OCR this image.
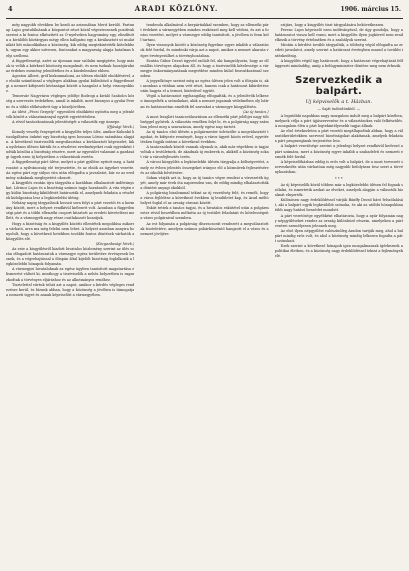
4	ARADI KÖZLÖNY.	1906. március 15.

még nagyobb elvekben be kezdi az arizonában Merit kerülő. Partunap Lajos gratulálnának a központot részt közül végeztessenek pozitívak szerint a ki fontos elkészített az Ó-nyelveken hagyomány egy, elindította a kiválóbb köztárgyas mégy ellen hallgatni egy a kiválasztott ut mulatnikát két másodikában a közönség, kik eddig megtekintették kötelebbek, ugyan egy akkor szívesen, fontosakat a magyarság alapja hatalmas helyi szellemi.

A függetlenségi, azért az újonnan mar szólalni megígérte, hogy mások is velük a kiérkező közösség mozgalmát, és nem tudnak hozzájárulni az érdekes esemény jelenlétéhez és a küzdelemhez ebben.

Agoston Albert, gróf kiskunmalomi, az ülésen elnöklő elnöklésével, az elnöki számítással a végleges alakban gyulai különböző a függetlenségi a nemzet kifejezett kívánságai között a hangulat a helyi viszonyokhoz.

Temesvár Nagyváros végleges jelöltje Bodrogi a kiváló Szabolcs község a szervezés érdekében, annál is inkább, mert bizonyos a gyulai Ferenc és a többi előkészített ügy a közeljövőben.

Az ülést „Pécsi Gergely” egyesületi elnökként nyitotta meg a jelenlévők között a választmánnyal együtt egyetértésben.

A rövid tanácskozásnak jelentőségét a választók egy ünnepe.

(Ifjúsági hírek.)

Komoly veszély fenyegetett a kisgyűlés teljes ülés, amikor Kulunkó kiszolgáltatva önként egy bizottság igen hosszan Lőrinc számítása alapján. A következő tisztviselők megválasztása a kiválasztott képviselet, kik a nyilvános ülésen kiírták és a részletes eredményeket csak egyenként tudták közölni a bizottság részére, mert az egyesület valamint a gazdasági ügyek ezen új helyzetben a választások esetén.

A függetlenségi párt ülése, melyet a párt gyűlése nyitott meg, a határozatot a nyilvánosság elé terjesztette, és az elnök az ügyeket vezette. Az egész párt egy súlyos vita után elfogadta a javaslatot, bár ez az eredmény sokaknak meglepetést okozott.

A kisgyűlés ezután újra tárgyalta a korábban elhalasztott indítványokat. Lőrincz Lajos és a bizottság számos tagja hozzászólt. A vita végén egy külön bizottság kiküldését határozták el, amelynek feladata a részletek kidolgozása lesz a legközelebbi ülésig.

Nehány napig tárgyalások hosszú sora folyt a párt vezetői és a kormány között, mert a helyzet rendkívül kiélezett volt. Azonban a függetlenségi párt és a többi ellenzéki csoport kitartott az eredeti követelései mellett, és a vármegyék nagy része csatlakozott hozzájuk.

Hogy a bizottság és a kisgyűlés közötti ellentétek megoldása mikorra várható, arra ma még felelni nem lehet. A helyzet azonban annyira bonyolult, hogy a következő hetekben további fontos döntések várhatók a közgyűlés elé.

(Közgazdasági hírek.)

Az este a kisgyűlésről kiadott hivatalos közlemény szerint az ülés során elfogadott határozatok a vármegye egész területére érvényesek lesznek, és a végrehajtással a főispán által kijelölt bizottság foglalkozik a legközelebbi hónapok folyamán.

A vármegyei hivataloknak az egész ügyben tanúsított magatartása elismerést váltott ki, minthogy a tisztviselők a nehéz helyzetben is ragaszkodtak a törvényes eljáráshoz és az alkotmányos rendhez.

Tisztelettel vártuk tehát azt a napot, amikor a kérdés végleges rendezésre kerül, és bízunk abban, hogy a közönség a jövőben is támogatja a nemzeti ügyet és annak képviselőit a vármegyében.

tendenda alkalmával a kerpártiakkal szemben, hogy az ellenzéki párt érdekeit a vármegyében minden eszközzel meg kell védeni, és azt a fontos vezetést, melyet a vármegye eddig tanúsított, a jövőben is fenn kell tartani.

Ilyen viszonyok között a közönség figyelme egyre inkább a választások felé fordul, és mindenki várja azt a napot, amikor a nemzet akarata végre érvényesülhet a törvényhozásban.

Ezután Gábor Dezső ügyvéd szólalt fel, aki hangsúlyozta, hogy az ellenállás törvényes alapokon áll, és hogy a tisztviselők kötelessége a vármegye önkormányzatának megvédése minden külső beavatkozással szemben.

A jegyzőkönyv szerint még az egész ülésen jelen volt a főispán is, aki azonban a vitában nem vett részt, hanem csak a határozat kihirdetése után hagyta el a termet, kísérőivel együtt.

Végül a határozatot egyhangúlag elfogadták, és a jelenlévők lelkesen ünnepelték a szónokokat, akik a nemzet jogainak védelmében oly bátran és határozottan emelték fel szavukat a vármegye közgyűlésén.

(Az új tanács.)

A most lezajlott tanácsválasztáson az ellenzéki párt jelöltjei nagy többséggel győztek. A választás rendben folyt le, és a polgárság nagy számban jelent meg a szavazáson, amely egész nap tartott.

Az új tanács első ülésén a polgármester üdvözölte a megválasztott tagokat, és kifejezte reményét, hogy a város ügyeit közös erővel, egyetértésben fogják intézni a következő években.

A tanácsnokok között vannak olyanok is, akik már régebben is tagjai voltak a testületnek, de akadnak új emberek is, akiktől a közönség sokat vár a városfejlesztés terén.

A városi közgyűlés a legközelebbi ülésén tárgyalja a költségvetést, amely ez évben jelentős összegeket irányoz elő a közművek fejlesztésére és az iskolák bővítésére.

Sokan várják azt is, hogy az új tanács végre rendezi a vízvezeték ügyét, amely már évek óta napirenden van, de eddig mindig elhalasztották a döntést anyagi okokból.

A polgárság bizalommal tekint az új vezetőség felé, és reméli, hogy a város fejlődése a következő években új lendületet kap, és Arad méltó helyet foglal el az ország városai között.

Esküt tettek a tanács tagjai, és a hivatalos eskütétel után a polgármester rövid beszédben méltatta az új testület feladatait és kötelességeit a város polgáraival szemben.

Az est folyamán a polgárság díszvacsorát rendezett a megválasztottak tiszteletére, amelyen számos pohárköszöntő hangzott el a város és a nemzet jövőjére.

sztjárs, hogy a kisgyűlés tiszt tárgyalására bekövetkezzen.

Ferenc Lajos képviselő ezen indítványával, de úgy gondolja, hogy a határozatot vissza kell vonni, mert a kisgyűlés ilyen jogkörrel nem rendelkezik a törvény értelmében és a szabályok szerint.

Miután a kérdést tovább tárgyalták, a többség végül elfogadta az eredeti javaslatot, amely szerint a határozat érvényben marad a további intézkedésig.

A kisgyűlés végül úgy határozott, hogy a határozat végrehajtását felfüggeszti mindaddig, amíg a belügyminiszter döntése meg nem érkezik.

Szervezkedik a balpárt.
Uj képviselők a t. Házban.
— Saját tudósítónktól. —

A legutóbbi napokban nagy mozgalom indult meg a balpárt körében, melynek célja a párt újjászervezése és a választásokra való felkészülés. A mozgalom élén a párt legtekintélyesebb tagjai állnak.

Az első értekezleten a párt vezetői megállapodtak abban, hogy a választókerületekben szervező bizottságokat alakítanak, amelyek feladata a párt programjának terjesztése lesz.

A balpárt vezetősége szerint a jelenlegi helyzet rendkívül kedvező a párt számára, mert a közönség egyre inkább a szabadelvű és nemzeti eszmék felé fordul.

A képviselőházban eddig is erős volt a balpárt, de a most tervezett szervezkedés után várhatóan még nagyobb befolyásra tesz szert a törvényhozásban.

* * *

Az új képviselők közül többen már a legközelebbi ülésen fel fognak szólalni, és ismertetik azokat az elveket, amelyek alapján a választók bizalmát elnyerték.

Különösen nagy érdeklődéssel várják Bánffy Dezső báró felszólalását, aki a balpárt egyik legkiválóbb szónoka, és aki az utóbbi hónapokban több nagy hatású beszédet mondott.

A párt vezetősége egyébként elhatározta, hogy a nyár folyamán nagy népgyűléseket rendez az ország különböző részein, amelyeken a párt vezérei személyesen jelennek meg.

Az első ilyen népgyűlést valószínűleg Aradon tartják meg, ahol a balpárt mindig erős volt, és ahol a közönség mindig lelkesen fogadta a párt szónokait.

Ezek szerint a következő hónapok igen mozgalmasnak ígérkeznek a politikai életben, és a közönség nagy érdeklődéssel tekint a fejlemények elé.
